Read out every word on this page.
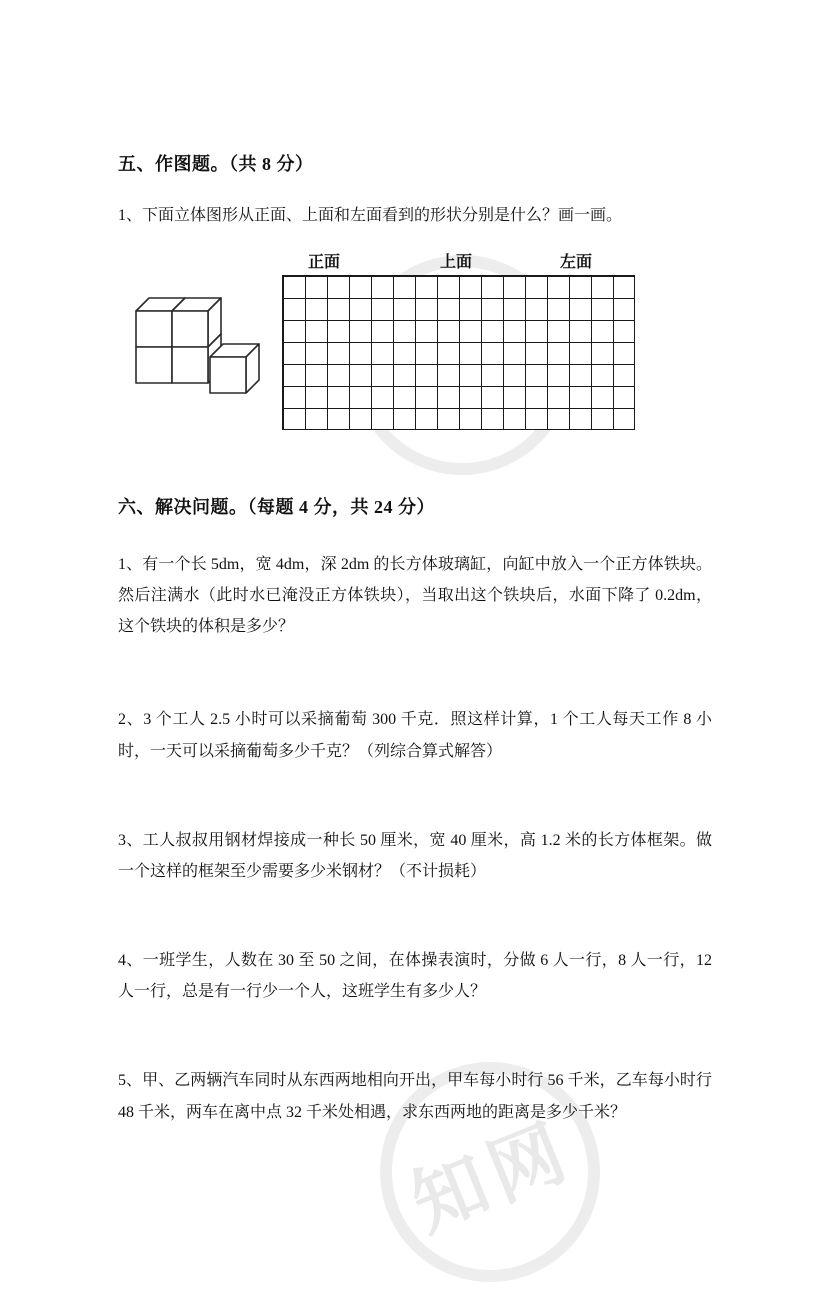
知网
五、作图题。（共 8 分）
1、下面立体图形从正面、上面和左面看到的形状分别是什么？画一画。
正面	上面	左面
六、解决问题。（每题 4 分，共 24 分）
1、有一个长 5dm，宽 4dm，深 2dm 的长方体玻璃缸，向缸中放入一个正方体铁块。然后注满水（此时水已淹没正方体铁块），当取出这个铁块后，水面下降了 0.2dm，这个铁块的体积是多少？
2、3 个工人 2.5 小时可以采摘葡萄 300 千克．照这样计算，1 个工人每天工作 8 小时，一天可以采摘葡萄多少千克？（列综合算式解答）
3、工人叔叔用钢材焊接成一种长 50 厘米，宽 40 厘米，高 1.2 米的长方体框架。做一个这样的框架至少需要多少米钢材？（不计损耗）
4、一班学生，人数在 30 至 50 之间，在体操表演时，分做 6 人一行，8 人一行，12 人一行，总是有一行少一个人，这班学生有多少人？
5、甲、乙两辆汽车同时从东西两地相向开出，甲车每小时行 56 千米，乙车每小时行 48 千米，两车在离中点 32 千米处相遇，求东西两地的距离是多少千米？
